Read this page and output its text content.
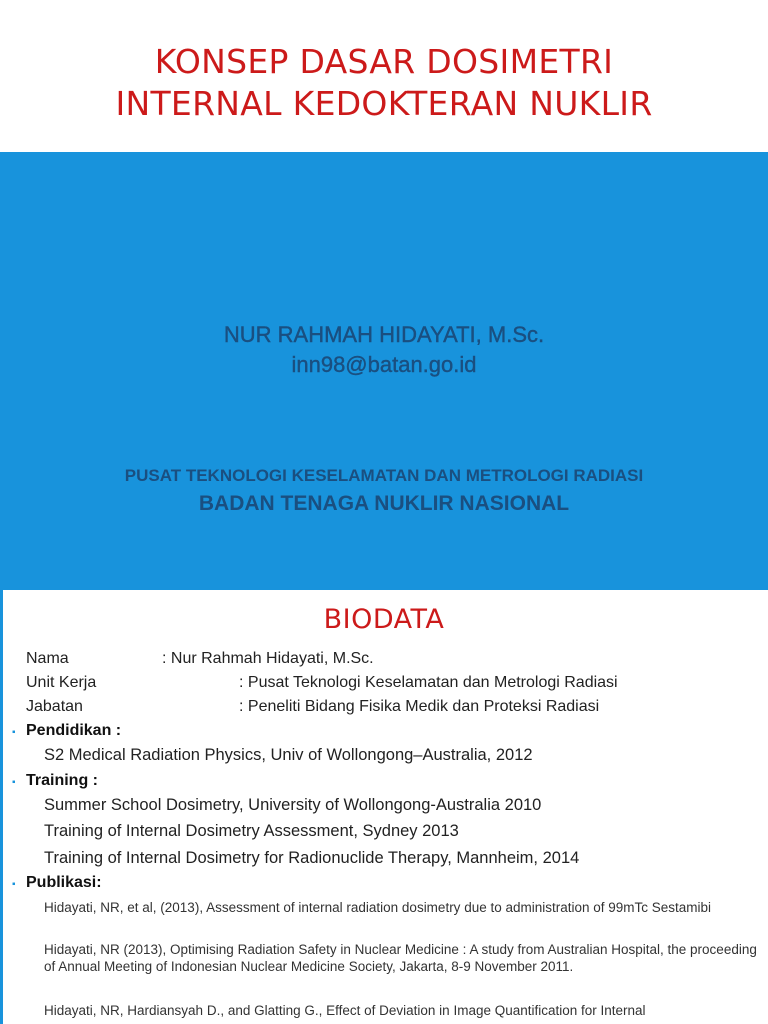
KONSEP DASAR DOSIMETRI
INTERNAL KEDOKTERAN NUKLIR
NUR RAHMAH HIDAYATI, M.Sc.
inn98@batan.go.id
PUSAT TEKNOLOGI KESELAMATAN DAN METROLOGI RADIASI
BADAN TENAGA NUKLIR NASIONAL
BIODATA
Nama	: Nur Rahmah Hidayati, M.Sc.
Unit Kerja	: Pusat Teknologi Keselamatan dan Metrologi Radiasi
Jabatan	: Peneliti Bidang Fisika Medik dan Proteksi Radiasi
▪ Pendidikan :
S2 Medical Radiation Physics, Univ of Wollongong–Australia, 2012
▪ Training :
Summer School Dosimetry, University of Wollongong-Australia 2010
Training of Internal Dosimetry Assessment, Sydney 2013
Training of Internal Dosimetry for Radionuclide Therapy, Mannheim, 2014
▪ Publikasi:
Hidayati, NR, et al, (2013), Assessment of internal radiation dosimetry due to administration of 99mTc Sestamibi
Hidayati, NR (2013), Optimising Radiation Safety in Nuclear Medicine : A study from Australian Hospital, the proceeding of Annual Meeting of Indonesian Nuclear Medicine Society, Jakarta, 8-9 November 2011.
Hidayati, NR, Hardiansyah D., and Glatting G., Effect of Deviation in Image Quantification for Internal
